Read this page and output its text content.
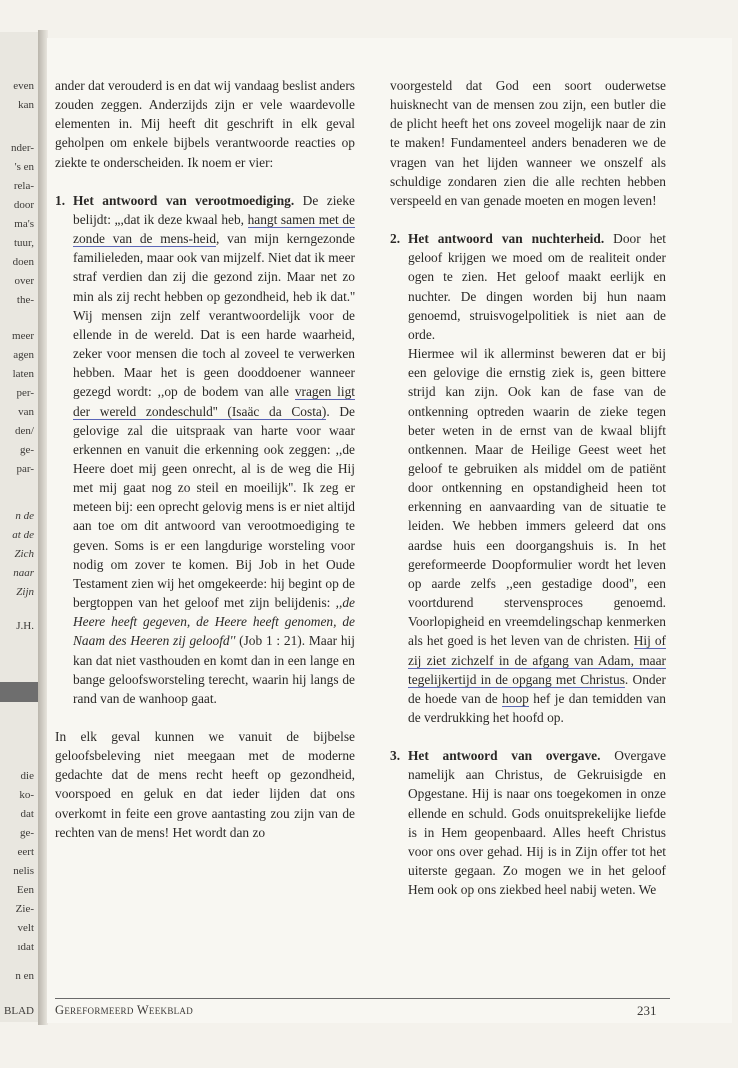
even
kan
nder-
's en
rela-
door
ma's
tuur,
doen
over
the-
meer
agen
laten
per-
van
den/
ge-
par-
n de
at de
Zich
naar
Zijn
J.H.
die
ko-
dat
ge-
eert
nelis
Een
Zie-
velt
ıdat
n en
BLAD

ander dat verouderd is en dat wij vandaag beslist anders zouden zeggen. Anderzijds zijn er vele waardevolle elementen in. Mij heeft dit geschrift in elk geval geholpen om enkele bijbels verantwoorde reacties op ziekte te onderscheiden. Ik noem er vier:

1. Het antwoord van verootmoediging. De zieke belijdt: „,dat ik deze kwaal heb, hangt samen met de zonde van de mens-heid, van mijn kerngezonde familieleden, maar ook van mijzelf. Niet dat ik meer straf verdien dan zij die gezond zijn. Maar net zo min als zij recht hebben op gezondheid, heb ik dat.'' Wij mensen zijn zelf verantwoordelijk voor de ellende in de wereld. Dat is een harde waarheid, zeker voor mensen die toch al zoveel te verwerken hebben. Maar het is geen dooddoener wanneer gezegd wordt: ,,op de bodem van alle vragen ligt der wereld zondeschuld'' (Isaäc da Costa). De gelovige zal die uitspraak van harte voor waar erkennen en vanuit die erkenning ook zeggen: ,,de Heere doet mij geen onrecht, al is de weg die Hij met mij gaat nog zo steil en moeilijk''. Ik zeg er meteen bij: een oprecht gelovig mens is er niet altijd aan toe om dit antwoord van verootmoediging te geven. Soms is er een langdurige worsteling voor nodig om zover te komen. Bij Job in het Oude Testament zien wij het omgekeerde: hij begint op de bergtoppen van het geloof met zijn belijdenis: ,,de Heere heeft gegeven, de Heere heeft genomen, de Naam des Heeren zij geloofd'' (Job 1 : 21). Maar hij kan dat niet vasthouden en komt dan in een lange en bange geloofsworsteling terecht, waarin hij langs de rand van de wanhoop gaat.

In elk geval kunnen we vanuit de bijbelse geloofsbeleving niet meegaan met de moderne gedachte dat de mens recht heeft op gezondheid, voorspoed en geluk en dat ieder lijden dat ons overkomt in feite een grove aantasting zou zijn van de rechten van de mens! Het wordt dan zo

voorgesteld dat God een soort ouderwetse huisknecht van de mensen zou zijn, een butler die de plicht heeft het ons zoveel mogelijk naar de zin te maken! Fundamenteel anders benaderen we de vragen van het lijden wanneer we onszelf als schuldige zondaren zien die alle rechten hebben verspeeld en van genade moeten en mogen leven!

2. Het antwoord van nuchterheid. Door het geloof krijgen we moed om de realiteit onder ogen te zien. Het geloof maakt eerlijk en nuchter. De dingen worden bij hun naam genoemd, struisvogelpolitiek is niet aan de orde.

Hiermee wil ik allerminst beweren dat er bij een gelovige die ernstig ziek is, geen bittere strijd kan zijn. Ook kan de fase van de ontkenning optreden waarin de zieke tegen beter weten in de ernst van de kwaal blijft ontkennen. Maar de Heilige Geest weet het geloof te gebruiken als middel om de patiënt door ontkenning en opstandigheid heen tot erkenning en aanvaarding van de situatie te leiden. We hebben immers geleerd dat ons aardse huis een doorgangshuis is. In het gereformeerde Doopformulier wordt het leven op aarde zelfs ,,een gestadige dood'', een voortdurend stervensproces genoemd. Voorlopigheid en vreemdelingschap kenmerken als het goed is het leven van de christen. Hij of zij ziet zichzelf in de afgang van Adam, maar tegelijkertijd in de opgang met Christus. Onder de hoede van de hoop hef je dan temidden van de verdrukking het hoofd op.

3. Het antwoord van overgave. Overgave namelijk aan Christus, de Gekruisigde en Opgestane. Hij is naar ons toegekomen in onze ellende en schuld. Gods onuitsprekelijke liefde is in Hem geopenbaard. Alles heeft Christus voor ons over gehad. Hij is in Zijn offer tot het uiterste gegaan. Zo mogen we in het geloof Hem ook op ons ziekbed heel nabij weten. We

Gereformeerd Weekblad	231
